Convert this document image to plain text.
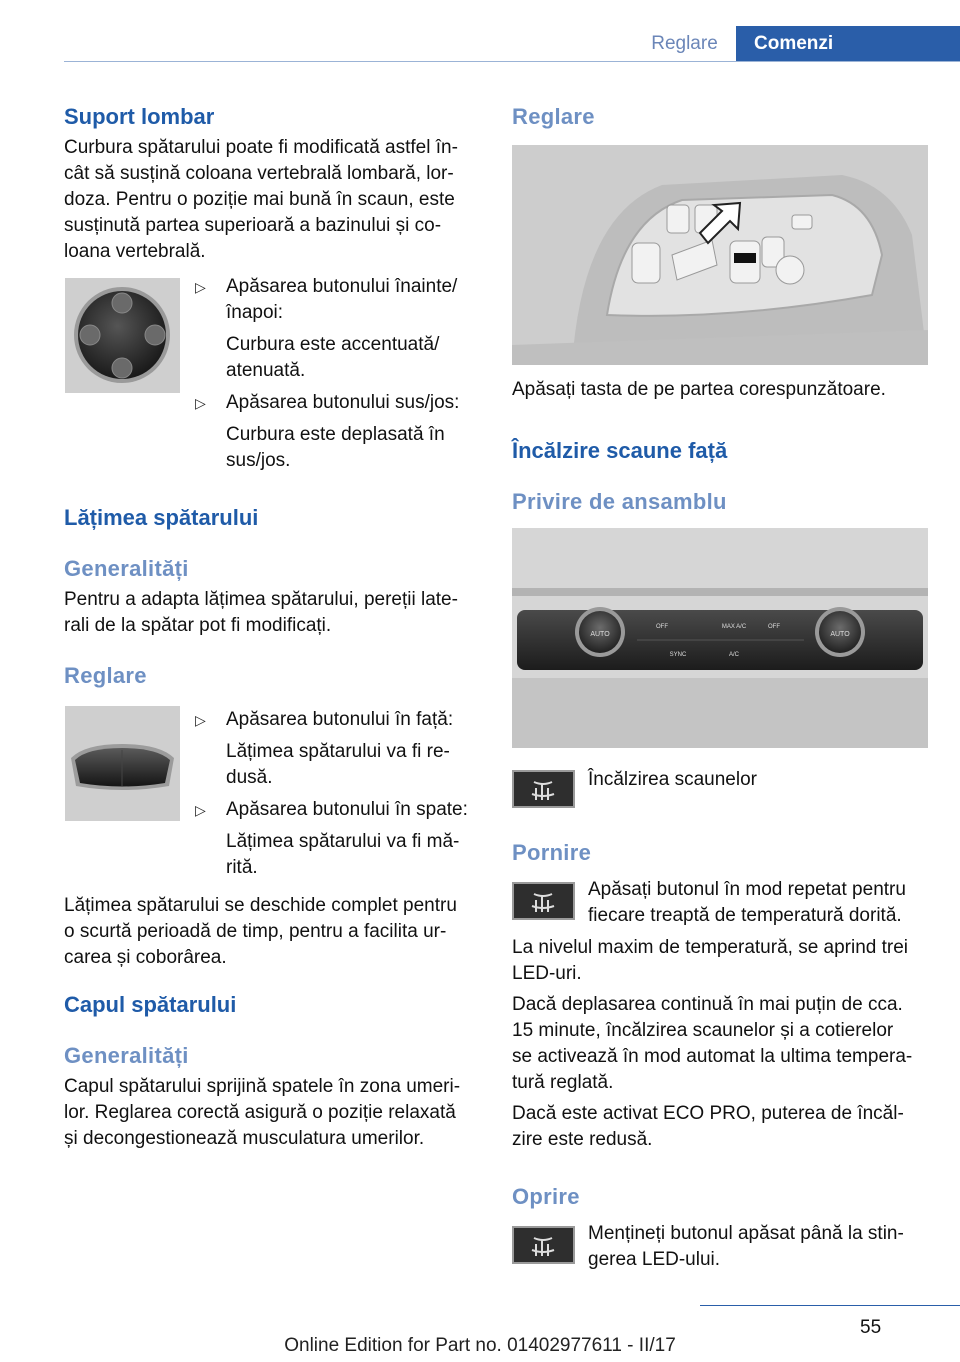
Reglare	Comenzi
Suport lombar
Curbura spătarului poate fi modificată astfel în-
cât să susțină coloana vertebrală lombară, lor-
doza. Pentru o poziție mai bună în scaun, este
susținută partea superioară a bazinului și co-
loana vertebrală.
▷ Apăsarea butonului înainte/
înapoi:
Curbura este accentuată/
atenuată.
▷ Apăsarea butonului sus/jos:
Curbura este deplasată în
sus/jos.
Lățimea spătarului
Generalități
Pentru a adapta lățimea spătarului, pereții late-
rali de la spătar pot fi modificați.
Reglare
▷ Apăsarea butonului în față:
Lățimea spătarului va fi re-
dusă.
▷ Apăsarea butonului în spate:
Lățimea spătarului va fi mă-
rită.
Lățimea spătarului se deschide complet pentru
o scurtă perioadă de timp, pentru a facilita ur-
carea și coborârea.
Capul spătarului
Generalități
Capul spătarului sprijină spatele în zona umeri-
lor. Reglarea corectă asigură o poziție relaxată
și decongestionează musculatura umerilor.
Reglare
Apăsați tasta de pe partea corespunzătoare.
Încălzire scaune față
Privire de ansamblu
AUTO	AUTO
OFF	MAX A/C	OFF
SYNC	A/C
Încălzirea scaunelor
Pornire
Apăsați butonul în mod repetat pentru
fiecare treaptă de temperatură dorită.
La nivelul maxim de temperatură, se aprind trei
LED-uri.
Dacă deplasarea continuă în mai puțin de cca.
15 minute, încălzirea scaunelor și a cotierelor
se activează în mod automat la ultima tempera-
tură reglată.
Dacă este activat ECO PRO, puterea de încăl-
zire este redusă.
Oprire
Mențineți butonul apăsat până la stin-
gerea LED-ului.
55
Online Edition for Part no. 01402977611 - II/17
